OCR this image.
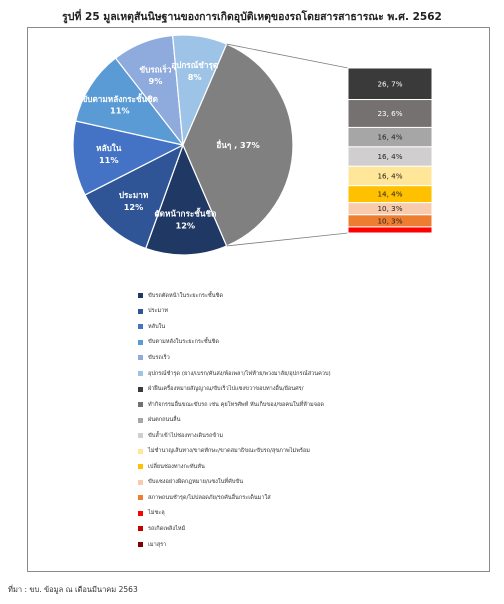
รูปที่ 25 มูลเหตุสันนิษฐานของการเกิดอุบัติเหตุของรถโดยสารสาธารณะ พ.ศ. 2562
ตัดหน้ากระชั้นชิด 12%
ประมาท 12%
หลับใน 11%
ขับตามหลังกระชั้นชิด 11%
ขับรถเร็ว 9%
อุปกรณ์ชำรุด 8%
อื่นๆ , 37%
26, 7%
23, 6%
16, 4%
16, 4%
16, 4%
14, 4%
10, 3%
10, 3%
ขับรถตัดหน้าในระยะกระชั้นชิด
ประมาท
หลับใน
ขับตามหลังในระยะกระชั้นชิด
ขับรถเร็ว
อุปกรณ์ชำรุด (ยาง/เบรก/คันส่ง/พ้อเพลา/ไฟท้าย/พวงมาลัย/อุปกรณ์ส่วนควบ)
ฝ่าฝืนเครื่องหมายสัญญาณ/ขับเร็วไปแซงขวาขอบทางอื่น/ย้อนศร/
ทำกิจกรรมอื่นขณะขับรถ เช่น คุยโทรศัพท์ หันเก็บของ/ขอคนในที่ห้ามจอด
ฝนตกถนนลื่น
ขับล้ำเข้าไปช่องทางเดินรถข้าม
ไม่ชำนาญเส้นทาง/ขาดทักษะ/ขาดสมาธิขณะขับรถ/สุขภาพไม่พร้อม
เปลี่ยนช่องทางกะทันหัน
ขับแซงอย่างผิดกฎหมาย/แซงในที่คับขัน
สภาพถนนชำรุด/ไม่ปลอดภัย/รถคันอื่นกระเด็นมาใส่
ไม่ชะลุ
รถเกิดเพลิงไหม้
เมาสุรา
ที่มา : ขบ. ข้อมูล ณ เดือนมีนาคม 2563
